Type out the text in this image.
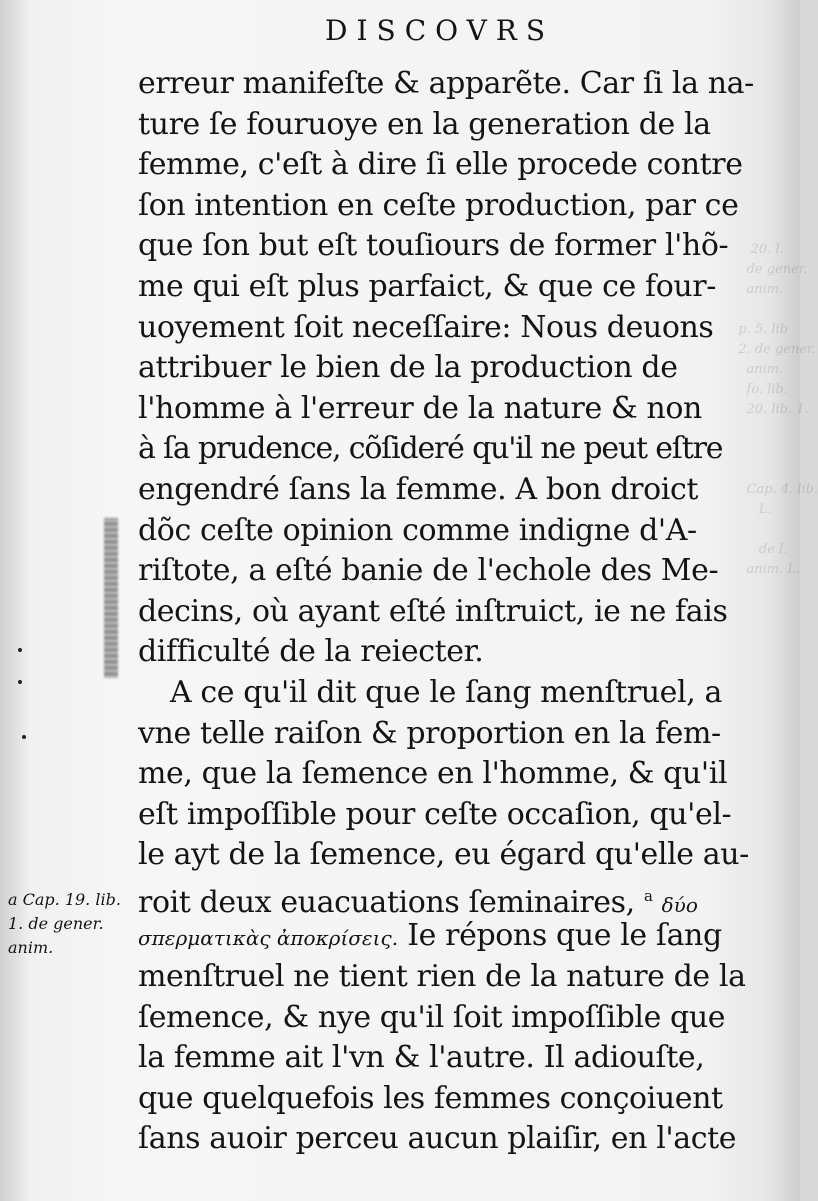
20. l.
de gener.
anim.

p. 5. lib
2. de gener.
anim.
fo. lib.
20. lib. 1.

Cap. 4. lib.
L.

de l.
anim. L.

DISCOVRS
erreur manifeſte & apparẽte. Car ſi la na-
ture ſe fouruoye en la generation de la
femme, c'eſt à dire ſi elle procede contre
ſon intention en ceſte production, par ce
que ſon but eſt touſiours de former l'hõ-
me qui eſt plus parfaict, & que ce four-
uoyement ſoit neceſſaire: Nous deuons
attribuer le bien de la production de
l'homme à l'erreur de la nature & non
à ſa prudence, cõſideré qu'il ne peut eſtre
engendré ſans la femme. A bon droict
dõc ceſte opinion comme indigne d'A-
riſtote, a eſté banie de l'echole des Me-
decins, où ayant eſté inſtruict, ie ne fais
difficulté de la reiecter.
A ce qu'il dit que le ſang menſtruel, a
vne telle raiſon & proportion en la fem-
me, que la ſemence en l'homme, & qu'il
eſt impoſſible pour ceſte occaſion, qu'el-
le ayt de la ſemence, eu égard qu'elle au-
roit deux euacuations ſeminaires, $^a$ δύο
σπερματικὰς ἀποκρίσεις. Ie répons que le ſang
menſtruel ne tient rien de la nature de la
ſemence, & nye qu'il ſoit impoſſible que
la femme ait l'vn & l'autre. Il adiouſte,
que quelquefois les femmes conçoiuent
ſans auoir perceu aucun plaiſir, en l'acte
a Cap. 19. lib.
1. de gener.
anim.
